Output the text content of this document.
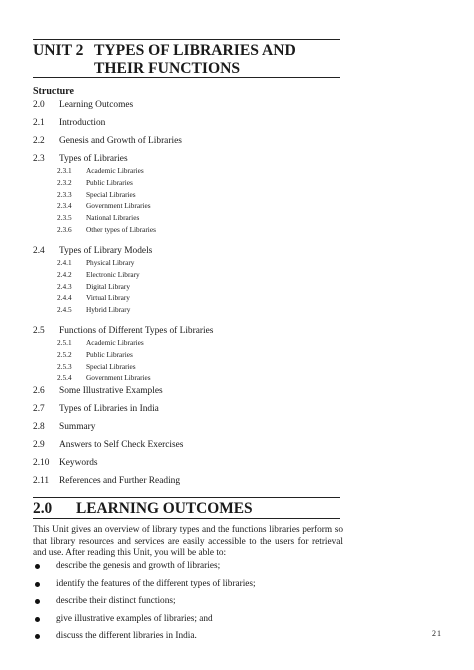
UNIT 2 TYPES OF LIBRARIES AND THEIR FUNCTIONS
Structure
2.0 Learning Outcomes
2.1 Introduction
2.2 Genesis and Growth of Libraries
2.3 Types of Libraries
2.3.1 Academic Libraries
2.3.2 Public Libraries
2.3.3 Special Libraries
2.3.4 Government Libraries
2.3.5 National Libraries
2.3.6 Other types of Libraries
2.4 Types of Library Models
2.4.1 Physical Library
2.4.2 Electronic Library
2.4.3 Digital Library
2.4.4 Virtual Library
2.4.5 Hybrid Library
2.5 Functions of Different Types of Libraries
2.5.1 Academic Libraries
2.5.2 Public Libraries
2.5.3 Special Libraries
2.5.4 Government Libraries
2.6 Some Illustrative Examples
2.7 Types of Libraries in India
2.8 Summary
2.9 Answers to Self Check Exercises
2.10 Keywords
2.11 References and Further Reading
2.0 LEARNING OUTCOMES
This Unit gives an overview of library types and the functions libraries perform so that library resources and services are easily accessible to the users for retrieval and use. After reading this Unit, you will be able to:
describe the genesis and growth of libraries;
identify the features of the different types of libraries;
describe their distinct functions;
give illustrative examples of libraries; and
discuss the different libraries in India.	21
